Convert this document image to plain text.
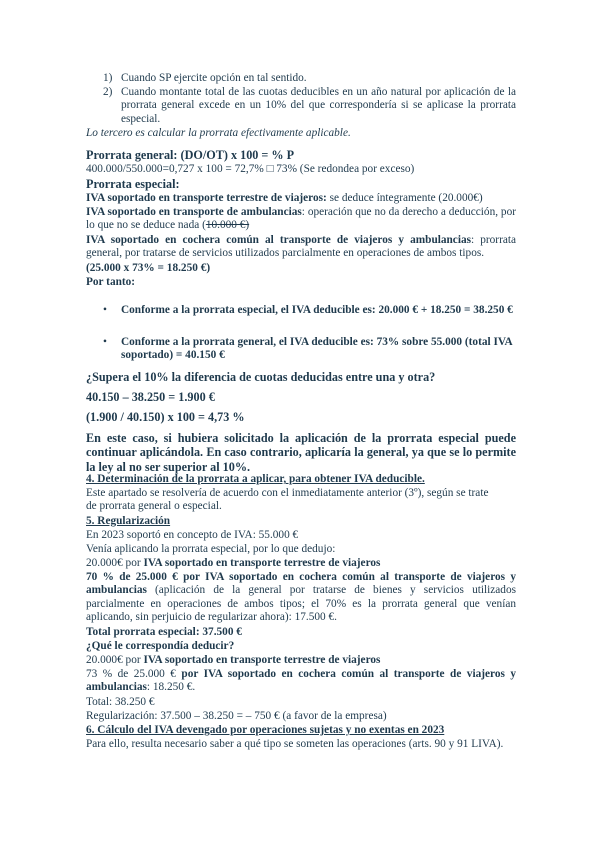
1) Cuando SP ejercite opción en tal sentido.
2) Cuando montante total de las cuotas deducibles en un año natural por aplicación de la prorrata general excede en un 10% del que correspondería si se aplicase la prorrata especial.
Lo tercero es calcular la prorrata efectivamente aplicable.
Prorrata general: (DO/OT) x 100 = % P
400.000/550.000=0,727 x 100 = 72,7% □ 73% (Se redondea por exceso)
Prorrata especial:
IVA soportado en transporte terrestre de viajeros: se deduce íntegramente (20.000€)
IVA soportado en transporte de ambulancias: operación que no da derecho a deducción, por lo que no se deduce nada (10.000 €)
IVA soportado en cochera común al transporte de viajeros y ambulancias: prorrata general, por tratarse de servicios utilizados parcialmente en operaciones de ambos tipos.
(25.000 x 73% = 18.250 €)
Por tanto:
• Conforme a la prorrata especial, el IVA deducible es: 20.000 € + 18.250 = 38.250 €
• Conforme a la prorrata general, el IVA deducible es: 73% sobre 55.000 (total IVA soportado) = 40.150 €
¿Supera el 10% la diferencia de cuotas deducidas entre una y otra?
40.150 – 38.250 = 1.900 €
(1.900 / 40.150) x 100 = 4,73 %
En este caso, si hubiera solicitado la aplicación de la prorrata especial puede continuar aplicándola. En caso contrario, aplicaría la general, ya que se lo permite la ley al no ser superior al 10%.
4. Determinación de la prorrata a aplicar, para obtener IVA deducible.
Este apartado se resolvería de acuerdo con el inmediatamente anterior (3º), según se trate de prorrata general o especial.
5. Regularización
En 2023 soportó en concepto de IVA: 55.000 €
Venía aplicando la prorrata especial, por lo que dedujo:
20.000€ por IVA soportado en transporte terrestre de viajeros
70 % de 25.000 € por IVA soportado en cochera común al transporte de viajeros y ambulancias (aplicación de la general por tratarse de bienes y servicios utilizados parcialmente en operaciones de ambos tipos; el 70% es la prorrata general que venían aplicando, sin perjuicio de regularizar ahora): 17.500 €.
Total prorrata especial: 37.500 €
¿Qué le correspondía deducir?
20.000€ por IVA soportado en transporte terrestre de viajeros
73 % de 25.000 € por IVA soportado en cochera común al transporte de viajeros y ambulancias: 18.250 €.
Total: 38.250 €
Regularización: 37.500 – 38.250 = – 750 € (a favor de la empresa)
6. Cálculo del IVA devengado por operaciones sujetas y no exentas en 2023
Para ello, resulta necesario saber a qué tipo se someten las operaciones (arts. 90 y 91 LIVA).
